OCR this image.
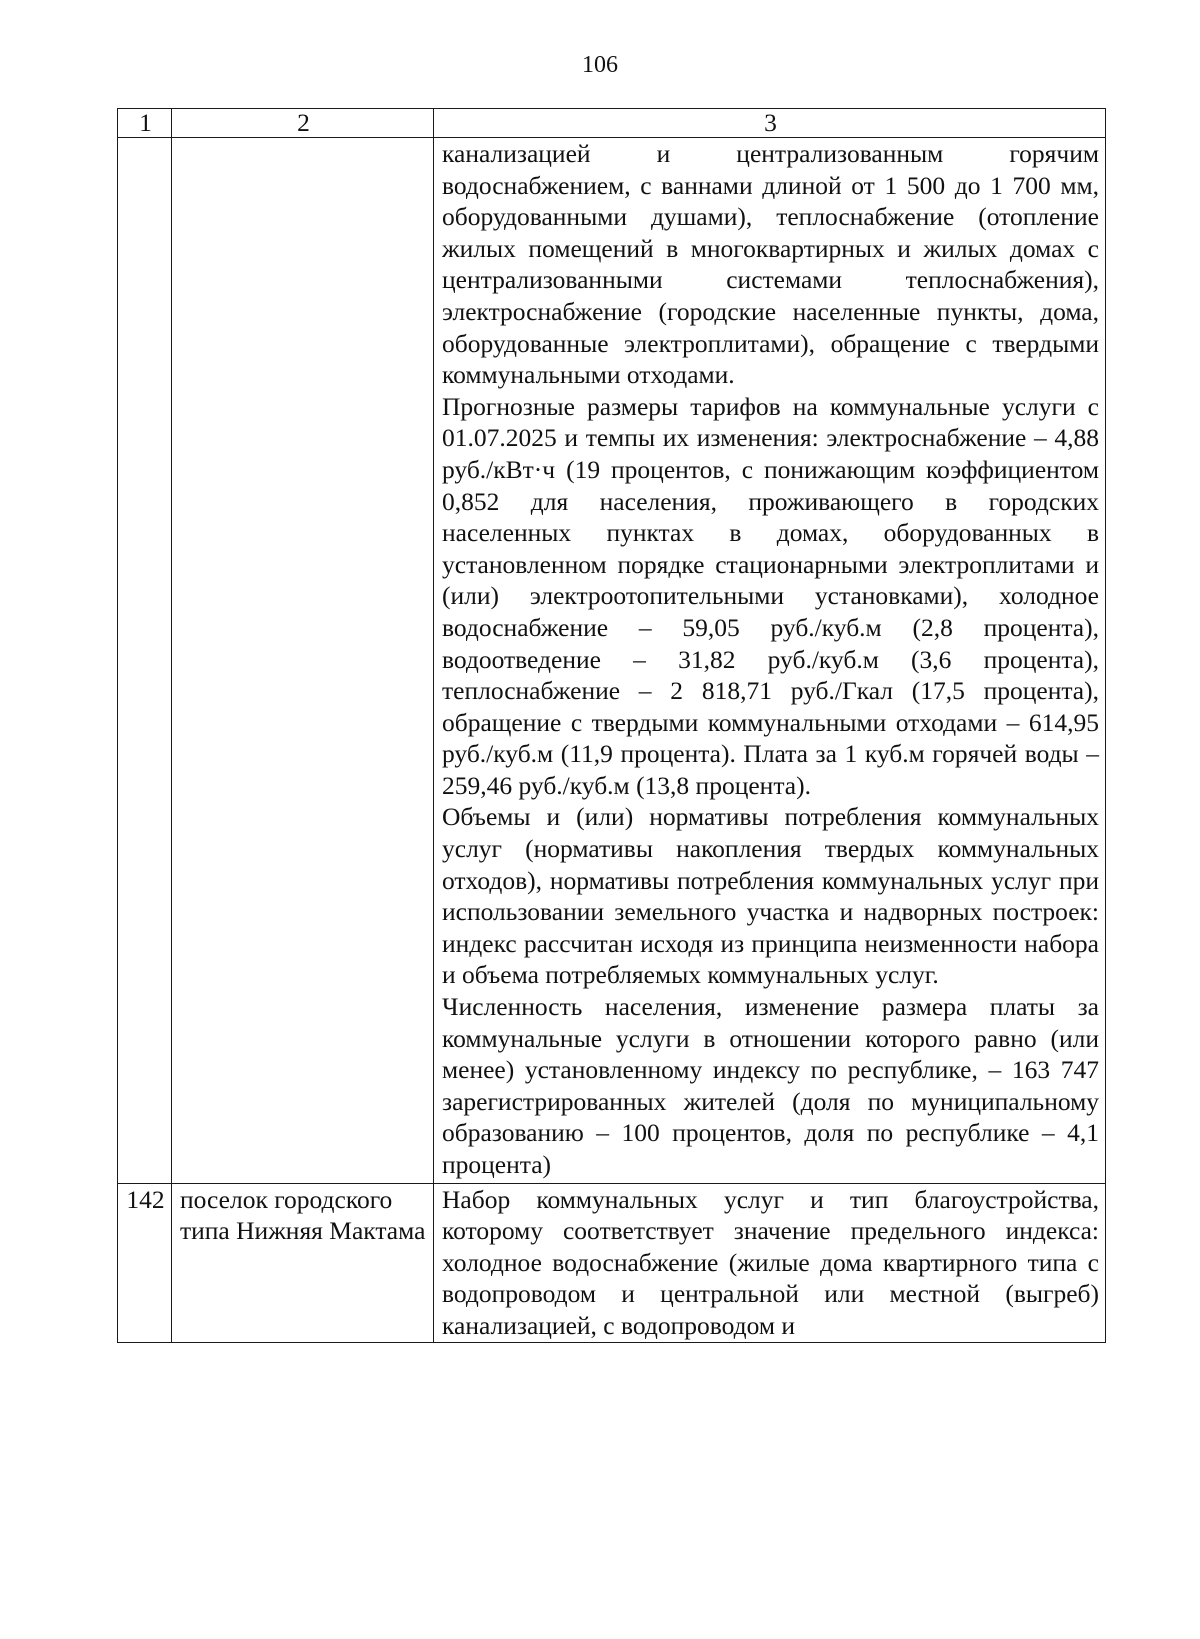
106
1	2	3

		канализацией и централизованным горячим водоснабжением, с ваннами длиной от 1 500 до 1 700 мм, оборудованными душами), теплоснабжение (отопление жилых помещений в многоквартирных и жилых домах с централизованными системами теплоснабжения), электроснабжение (городские населенные пункты, дома, оборудованные электроплитами), обращение с твердыми коммунальными отходами.

Прогнозные размеры тарифов на коммунальные услуги с 01.07.2025 и темпы их изменения: электроснабжение – 4,88 руб./кВт·ч (19 процентов, с понижающим коэффициентом 0,852 для населения, проживающего в городских населенных пунктах в домах, оборудованных в установленном порядке стационарными электроплитами и (или) электроотопительными установками), холодное водоснабжение – 59,05 руб./куб.м (2,8 процента), водоотведение – 31,82 руб./куб.м (3,6 процента), теплоснабжение – 2 818,71 руб./Гкал (17,5 процента), обращение с твердыми коммунальными отходами – 614,95 руб./куб.м (11,9 процента). Плата за 1 куб.м горячей воды – 259,46 руб./куб.м (13,8 процента).

Объемы и (или) нормативы потребления коммунальных услуг (нормативы накопления твердых коммунальных отходов), нормативы потребления коммунальных услуг при использовании земельного участка и надворных построек: индекс рассчитан исходя из принципа неизменности набора и объема потребляемых коммунальных услуг.

Численность населения, изменение размера платы за коммунальные услуги в отношении которого равно (или менее) установленному индексу по республике, – 163 747 зарегистрированных жителей (доля по муниципальному образованию – 100 процентов, доля по республике – 4,1 процента)

142	поселок городского типа Нижняя Мактама	Набор коммунальных услуг и тип благоустройства, которому соответствует значение предельного индекса: холодное водоснабжение (жилые дома квартирного типа с водопроводом и центральной или местной (выгреб) канализацией, с водопроводом и
